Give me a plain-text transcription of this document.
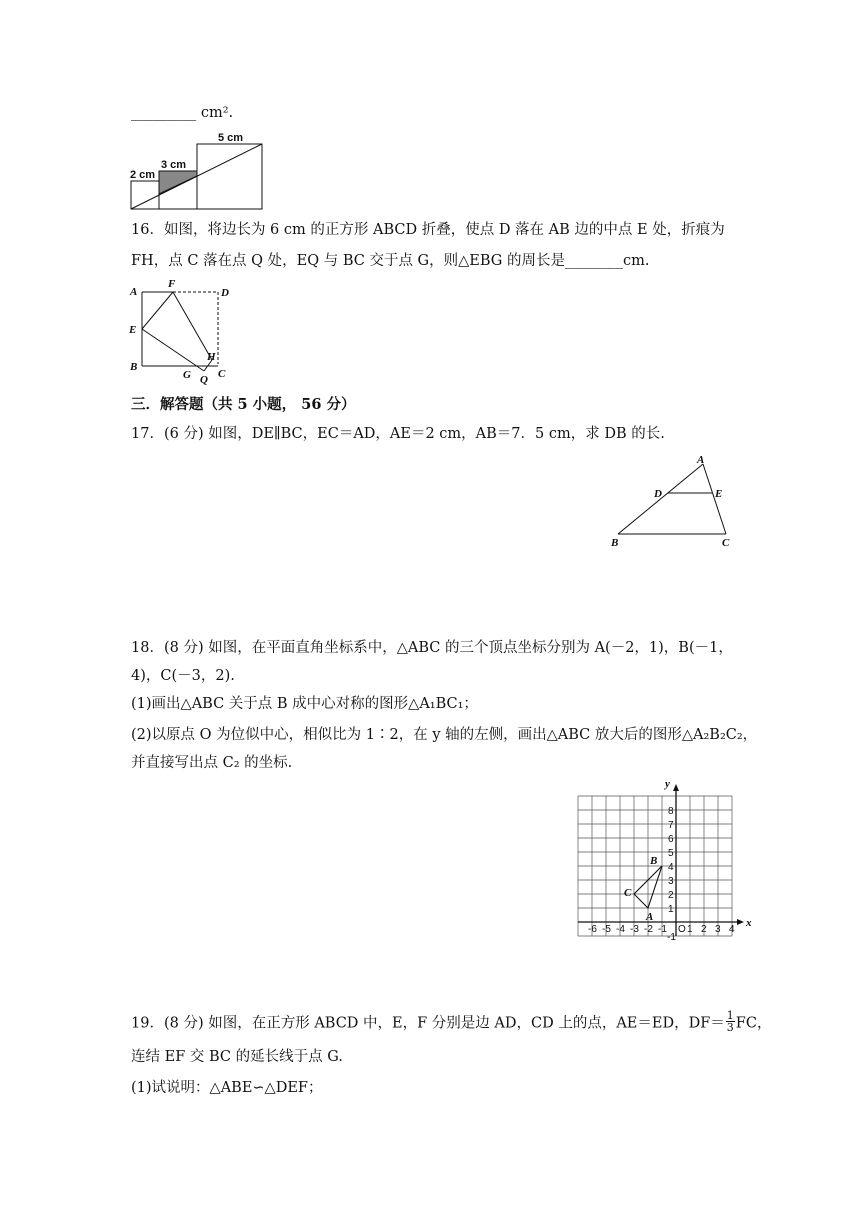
_________ cm².
2 cm
3 cm
5 cm
16．如图，将边长为 6 cm 的正方形 ABCD 折叠，使点 D 落在 AB 边的中点 E 处，折痕为
FH，点 C 落在点 Q 处，EQ 与 BC 交于点 G，则△EBG 的周长是________cm.
A
F
D
E
B
G Q
H
C
三．解答题（共 5 小题， 56 分）
17．(6 分) 如图，DE∥BC，EC＝AD，AE＝2 cm，AB＝7．5 cm，求 DB 的长.
A
D	E
B	C
18．(8 分) 如图，在平面直角坐标系中，△ABC 的三个顶点坐标分别为 A(－2，1)，B(－1，
4)，C(－3，2).
(1)画出△ABC 关于点 B 成中心对称的图形△A₁BC₁；
(2)以原点 O 为位似中心，相似比为 1∶2，在 y 轴的左侧，画出△ABC 放大后的图形△A₂B₂C₂，
并直接写出点 C₂ 的坐标.
-6 -5 -4 -3 -2 -1 O 1 2 3 4
1
2
3
4
5
6
7
8
-1
x
y
A
B
C
19．(8 分) 如图，在正方形 ABCD 中，E，F 分别是边 AD，CD 上的点，AE＝ED，$DF= \frac{1}{3}$ FC，
连结 EF 交 BC 的延长线于点 G.
(1)试说明：△ABE∽△DEF；
